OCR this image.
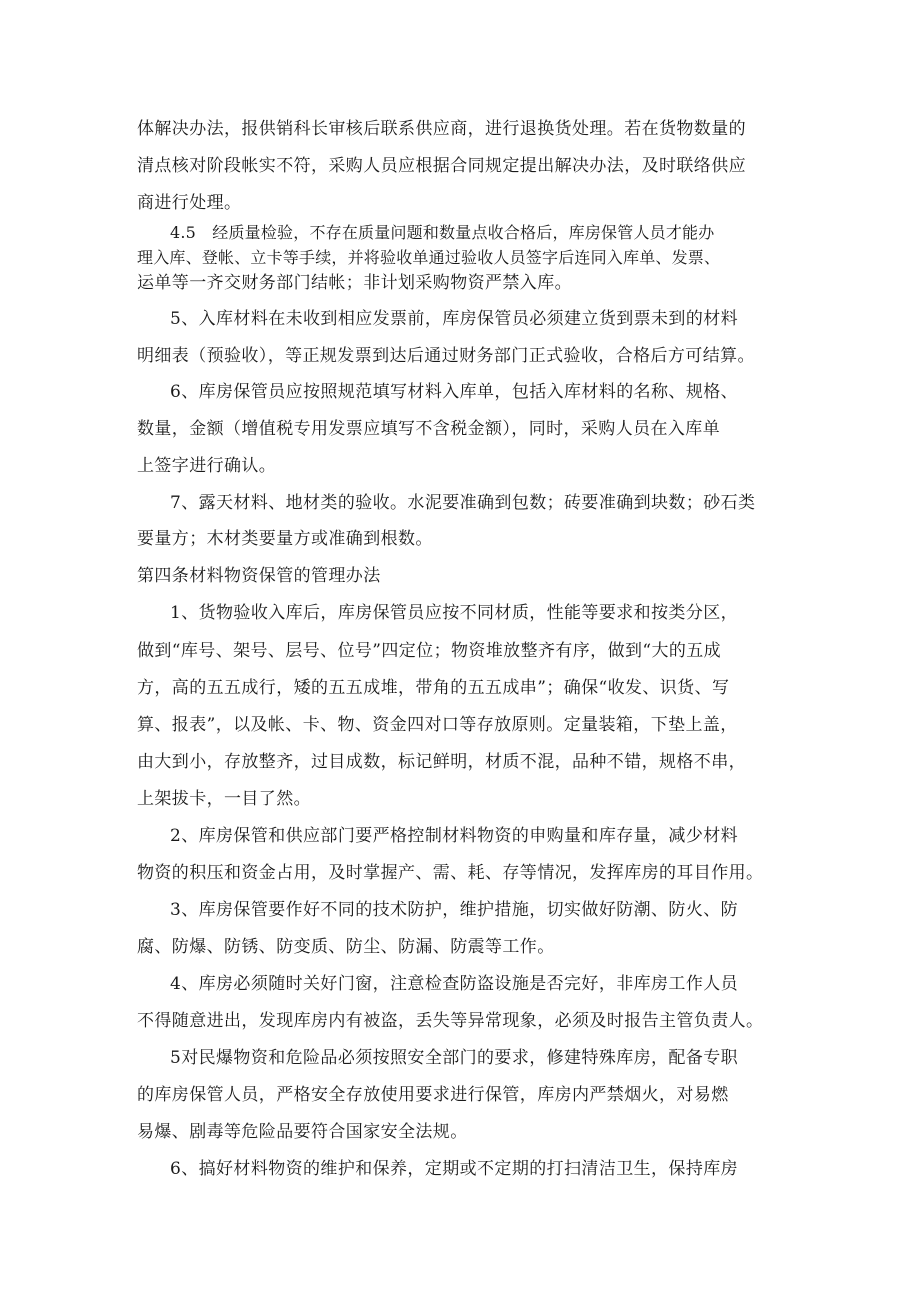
体解决办法，报供销科长审核后联系供应商，进行退换货处理。若在货物数量的
清点核对阶段帐实不符，采购人员应根据合同规定提出解决办法，及时联络供应
商进行处理。
4.5　经质量检验，不存在质量问题和数量点收合格后，库房保管人员才能办
理入库、登帐、立卡等手续，并将验收单通过验收人员签字后连同入库单、发票、
运单等一齐交财务部门结帐；非计划采购物资严禁入库。
5、入库材料在未收到相应发票前，库房保管员必须建立货到票未到的材料
明细表（预验收），等正规发票到达后通过财务部门正式验收，合格后方可结算。
6、库房保管员应按照规范填写材料入库单，包括入库材料的名称、规格、
数量，金额（增值税专用发票应填写不含税金额），同时，采购人员在入库单
上签字进行确认。
7、露天材料、地材类的验收。水泥要准确到包数；砖要准确到块数；砂石类
要量方；木材类要量方或准确到根数。
第四条材料物资保管的管理办法
1、货物验收入库后，库房保管员应按不同材质，性能等要求和按类分区，
做到“库号、架号、层号、位号”四定位；物资堆放整齐有序，做到“大的五成
方，高的五五成行，矮的五五成堆，带角的五五成串”；确保“收发、识货、写
算、报表”，以及帐、卡、物、资金四对口等存放原则。定量装箱，下垫上盖，
由大到小，存放整齐，过目成数，标记鲜明，材质不混，品种不错，规格不串，
上架拔卡，一目了然。
2、库房保管和供应部门要严格控制材料物资的申购量和库存量，减少材料
物资的积压和资金占用，及时掌握产、需、耗、存等情况，发挥库房的耳目作用。
3、库房保管要作好不同的技术防护，维护措施，切实做好防潮、防火、防
腐、防爆、防锈、防变质、防尘、防漏、防震等工作。
4、库房必须随时关好门窗，注意检查防盗设施是否完好，非库房工作人员
不得随意进出，发现库房内有被盗，丢失等异常现象，必须及时报告主管负责人。
5对民爆物资和危险品必须按照安全部门的要求，修建特殊库房，配备专职
的库房保管人员，严格安全存放使用要求进行保管，库房内严禁烟火，对易燃
易爆、剧毒等危险品要符合国家安全法规。
6、搞好材料物资的维护和保养，定期或不定期的打扫清洁卫生，保持库房
